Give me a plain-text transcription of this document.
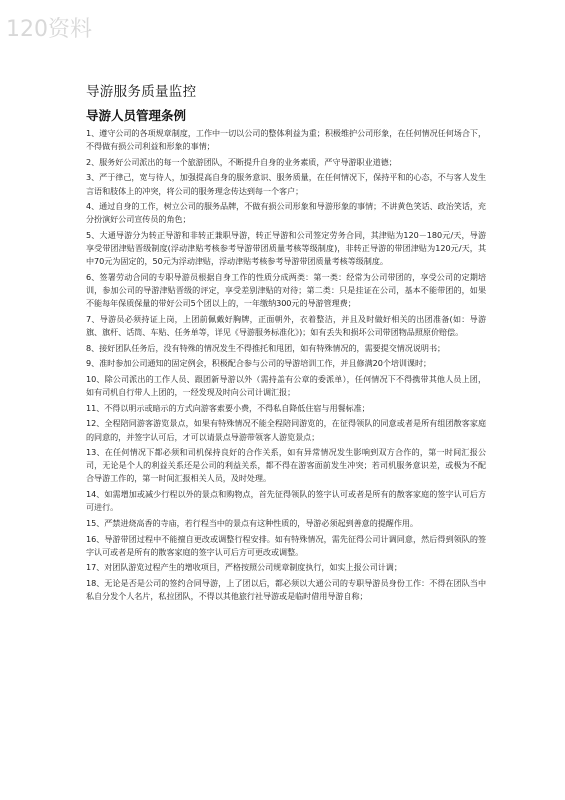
120资料
导游服务质量监控
导游人员管理条例

1、遵守公司的各项规章制度，工作中一切以公司的整体利益为重；积极维护公司形象，在任何情况任何场合下，不得做有损公司利益和形象的事情；

2、服务好公司派出的每一个旅游团队，不断提升自身的业务素质，严守导游职业道德；

3、严于律己，宽与待人，加强提高自身的服务意识、服务质量，在任何情况下，保持平和的心态，不与客人发生言语和肢体上的冲突，将公司的服务理念传达到每一个客户；

4、通过自身的工作，树立公司的服务品牌，不做有损公司形象和导游形象的事情；不讲黄色笑话、政治笑话，充分扮演好公司宣传员的角色；

5、大通导游分为转正导游和非转正兼职导游，转正导游和公司签定劳务合同，其津贴为120－180元/天，导游享受带团津贴晋级制度(浮动津贴考核参考导游带团质量考核等级制度)，非转正导游的带团津贴为120元/天，其中70元为固定的，50元为浮动津贴，浮动津贴考核参考导游带团质量考核等级制度。

6、签署劳动合同的专职导游员根据自身工作的性质分成两类：第一类：经常为公司带团的，享受公司的定期培训，参加公司的导游津贴晋级的评定，享受差别津贴的对待；第二类：只是挂证在公司，基本不能带团的，如果不能每年保质保量的带好公司5个团以上的，一年缴纳300元的导游管理费；

7、导游员必须持证上岗，上团前佩戴好胸牌，正面朝外，衣着整洁，并且及时做好相关的出团准备(如：导游旗、旗杆、话筒、车贴、任务单等，详见《导游服务标准化》)；如有丢失和损坏公司带团物品照原价赔偿。

8、接好团队任务后，没有特殊的情况发生不得推托和甩团，如有特殊情况的，需要提交情况说明书；

9、准时参加公司通知的固定例会，积极配合参与公司的导游培训工作，并且修满20个培训课时；

10、除公司派出的工作人员、跟团新导游以外（需持盖有公章的委派单），任何情况下不得携带其他人员上团，如有司机自行带人上团的，一经发现及时向公司计调汇报；

11、不得以明示或暗示的方式向游客索要小费，不得私自降低住宿与用餐标准；

12、全程陪同游客游览景点，如果有特殊情况不能全程陪同游览的，在征得领队的同意或者是所有组团散客家庭的同意的，并签字认可后，才可以请景点导游带领客人游览景点；

13、在任何情况下都必须和司机保持良好的合作关系，如有异常情况发生影响到双方合作的，第一时间汇报公司，无论是个人的利益关系还是公司的利益关系，都不得在游客面前发生冲突；若司机服务意识差，或极为不配合导游工作的，第一时间汇报相关人员，及时处理。

14、如需增加或减少行程以外的景点和购物点，首先征得领队的签字认可或者是所有的散客家庭的签字认可后方可进行。

15、严禁进烧高香的寺庙，若行程当中的景点有这种性质的，导游必须起到善意的提醒作用。

16、导游带团过程中不能擅自更改或调整行程安排。如有特殊情况，需先征得公司计调同意，然后得到领队的签字认可或者是所有的散客家庭的签字认可后方可更改或调整。

17、对团队游览过程产生的增收项目，严格按照公司规章制度执行，如实上报公司计调；

18、无论是否是公司的签约合同导游，上了团以后，都必须以大通公司的专职导游员身份工作：不得在团队当中私自分发个人名片，私拉团队，不得以其他旅行社导游或是临时借用导游自称；
